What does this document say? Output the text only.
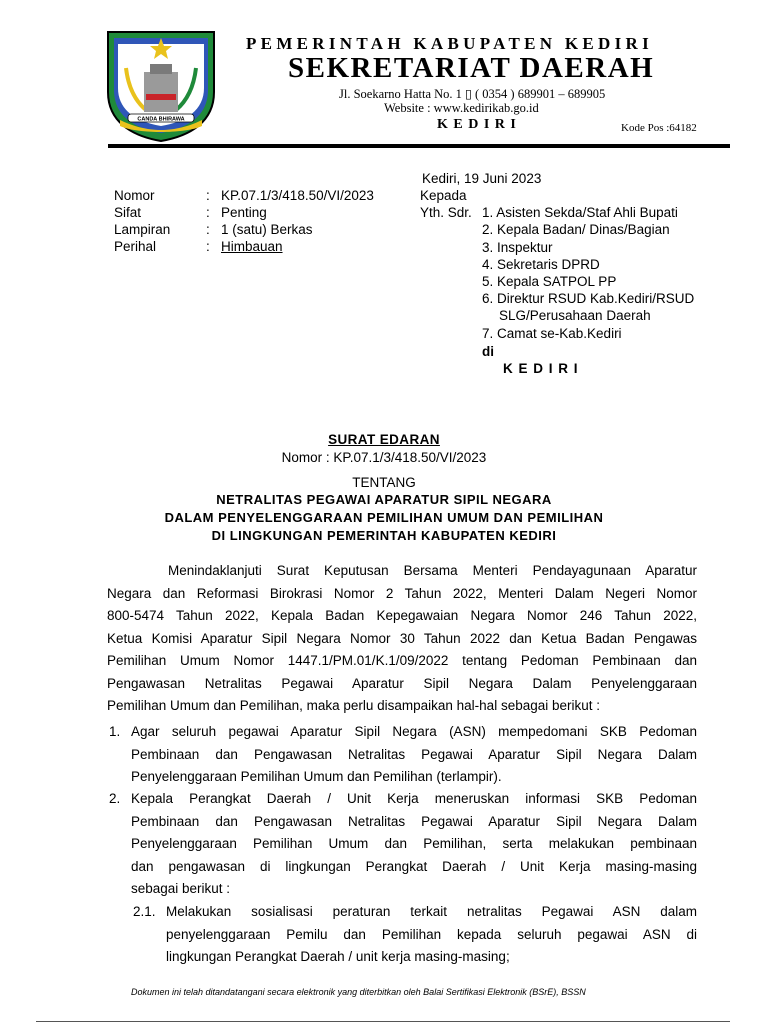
CANDA BHIRAWA
PEMERINTAH KABUPATEN KEDIRI
SEKRETARIAT DAERAH
Jl. Soekarno Hatta No. 1 ▯ ( 0354 ) 689901 – 689905
Website : www.kedirikab.go.id
KEDIRI	Kode Pos :64182
Kediri, 19 Juni 2023
Nomor	: KP.07.1/3/418.50/VI/2023
Sifat	: Penting
Lampiran	: 1 (satu) Berkas
Perihal	: Himbauan
Kepada
Yth. Sdr. 1. Asisten Sekda/Staf Ahli Bupati
2. Kepala Badan/ Dinas/Bagian
3. Inspektur
4. Sekretaris DPRD
5. Kepala SATPOL PP
6. Direktur RSUD Kab.Kediri/RSUD
SLG/Perusahaan Daerah
7. Camat se-Kab.Kediri
di
K E D I R I
SURAT EDARAN
Nomor : KP.07.1/3/418.50/VI/2023
TENTANG
NETRALITAS PEGAWAI APARATUR SIPIL NEGARA
DALAM PENYELENGGARAAN PEMILIHAN UMUM DAN PEMILIHAN
DI LINGKUNGAN PEMERINTAH KABUPATEN KEDIRI
Menindaklanjuti Surat Keputusan Bersama Menteri Pendayagunaan Aparatur
Negara dan Reformasi Birokrasi Nomor 2 Tahun 2022, Menteri Dalam Negeri Nomor
800-5474 Tahun 2022, Kepala Badan Kepegawaian Negara Nomor 246 Tahun 2022,
Ketua Komisi Aparatur Sipil Negara Nomor 30 Tahun 2022 dan Ketua Badan Pengawas
Pemilihan Umum Nomor 1447.1/PM.01/K.1/09/2022 tentang Pedoman Pembinaan dan
Pengawasan Netralitas Pegawai Aparatur Sipil Negara Dalam Penyelenggaraan
Pemilihan Umum dan Pemilihan, maka perlu disampaikan hal-hal sebagai berikut :
1. Agar seluruh pegawai Aparatur Sipil Negara (ASN) mempedomani SKB Pedoman
Pembinaan dan Pengawasan Netralitas Pegawai Aparatur Sipil Negara Dalam
Penyelenggaraan Pemilihan Umum dan Pemilihan (terlampir).
2. Kepala Perangkat Daerah / Unit Kerja meneruskan informasi SKB Pedoman
Pembinaan dan Pengawasan Netralitas Pegawai Aparatur Sipil Negara Dalam
Penyelenggaraan Pemilihan Umum dan Pemilihan, serta melakukan pembinaan
dan pengawasan di lingkungan Perangkat Daerah / Unit Kerja masing-masing
sebagai berikut :
2.1. Melakukan sosialisasi peraturan terkait netralitas Pegawai ASN dalam
penyelenggaraan Pemilu dan Pemilihan kepada seluruh pegawai ASN di
lingkungan Perangkat Daerah / unit kerja masing-masing;
Dokumen ini telah ditandatangani secara elektronik yang diterbitkan oleh Balai Sertifikasi Elektronik (BSrE), BSSN
